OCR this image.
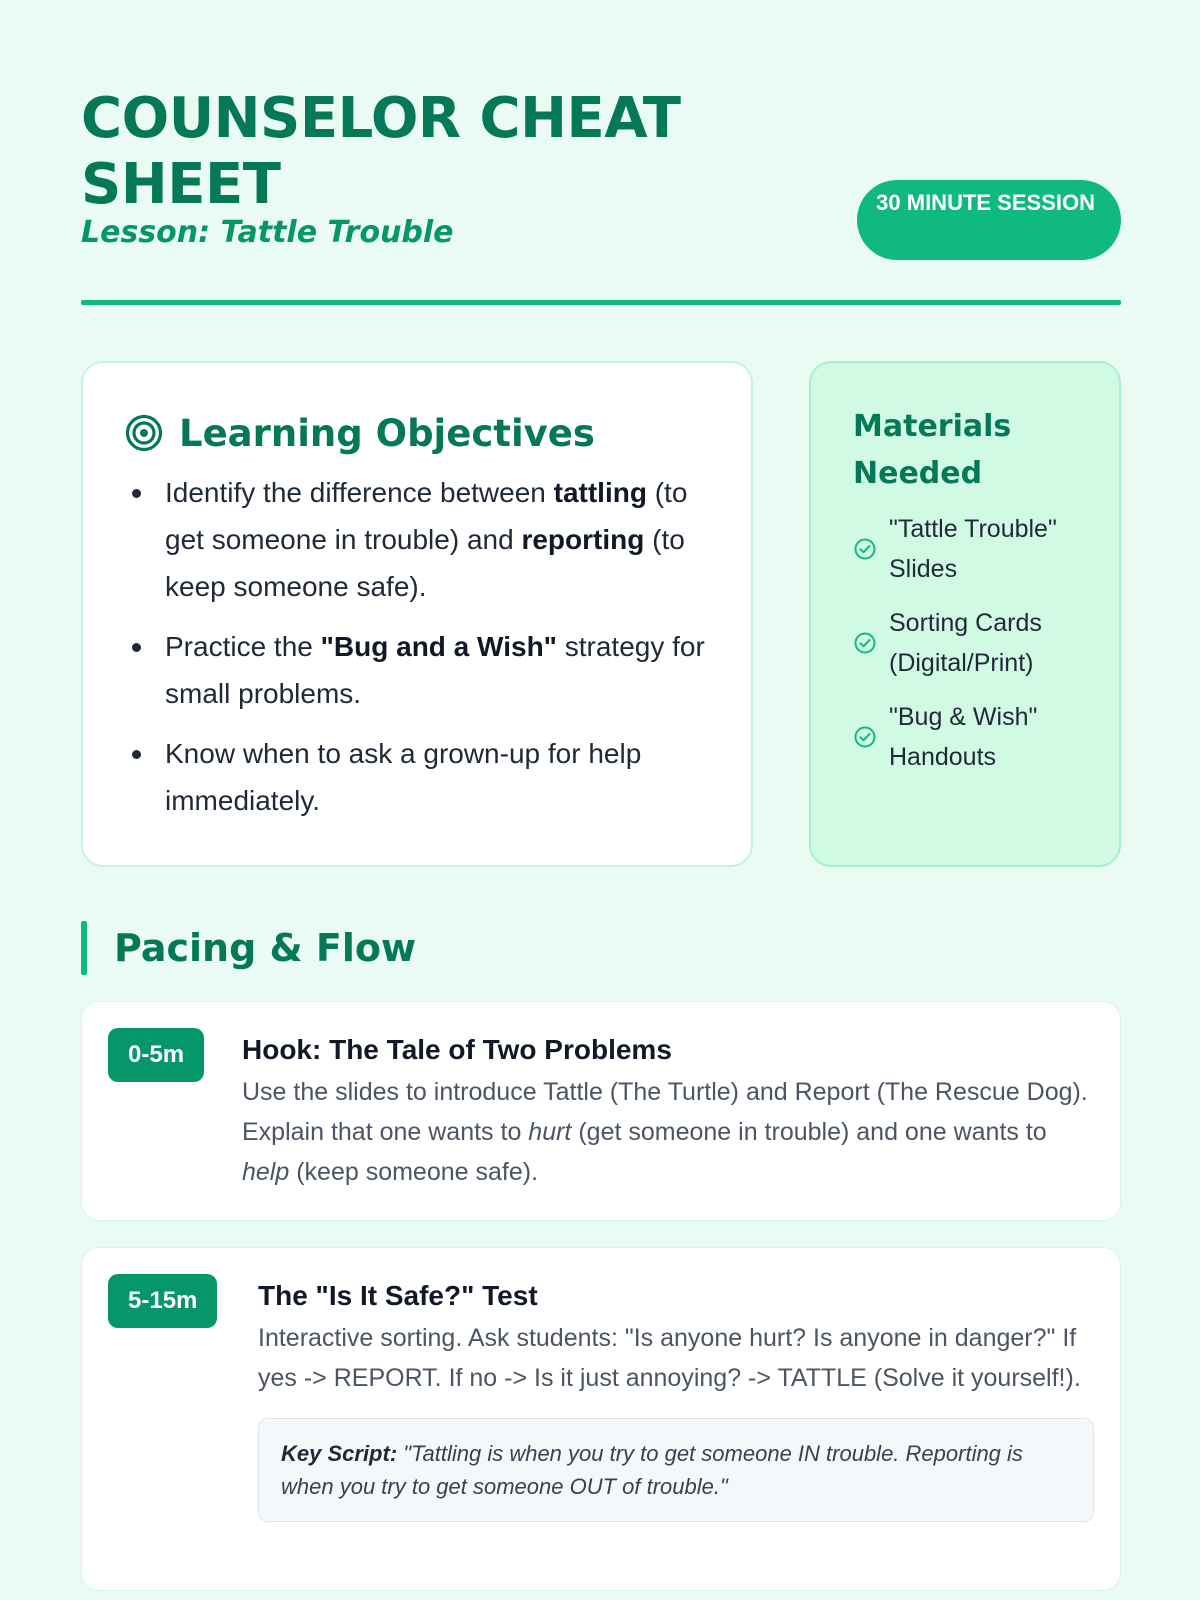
COUNSELOR CHEAT SHEET

Lesson: Tattle Trouble

30 MINUTE SESSION
Learning Objectives
Identify the difference between tattling (to get someone in trouble) and reporting (to keep someone safe).
Practice the "Bug and a Wish" strategy for small problems.
Know when to ask a grown-up for help immediately.
Materials Needed
"Tattle Trouble" Slides
Sorting Cards (Digital/Print)
"Bug & Wish" Handouts
Pacing & Flow
0-5m	Hook: The Tale of Two Problems

Use the slides to introduce Tattle (The Turtle) and Report (The Rescue Dog). Explain that one wants to hurt (get someone in trouble) and one wants to help (keep someone safe).

5-15m	The "Is It Safe?" Test

Interactive sorting. Ask students: "Is anyone hurt? Is anyone in danger?" If yes -> REPORT. If no -> Is it just annoying? -> TATTLE (Solve it yourself!).

Key Script: "Tattling is when you try to get someone IN trouble. Reporting is when you try to get someone OUT of trouble."
